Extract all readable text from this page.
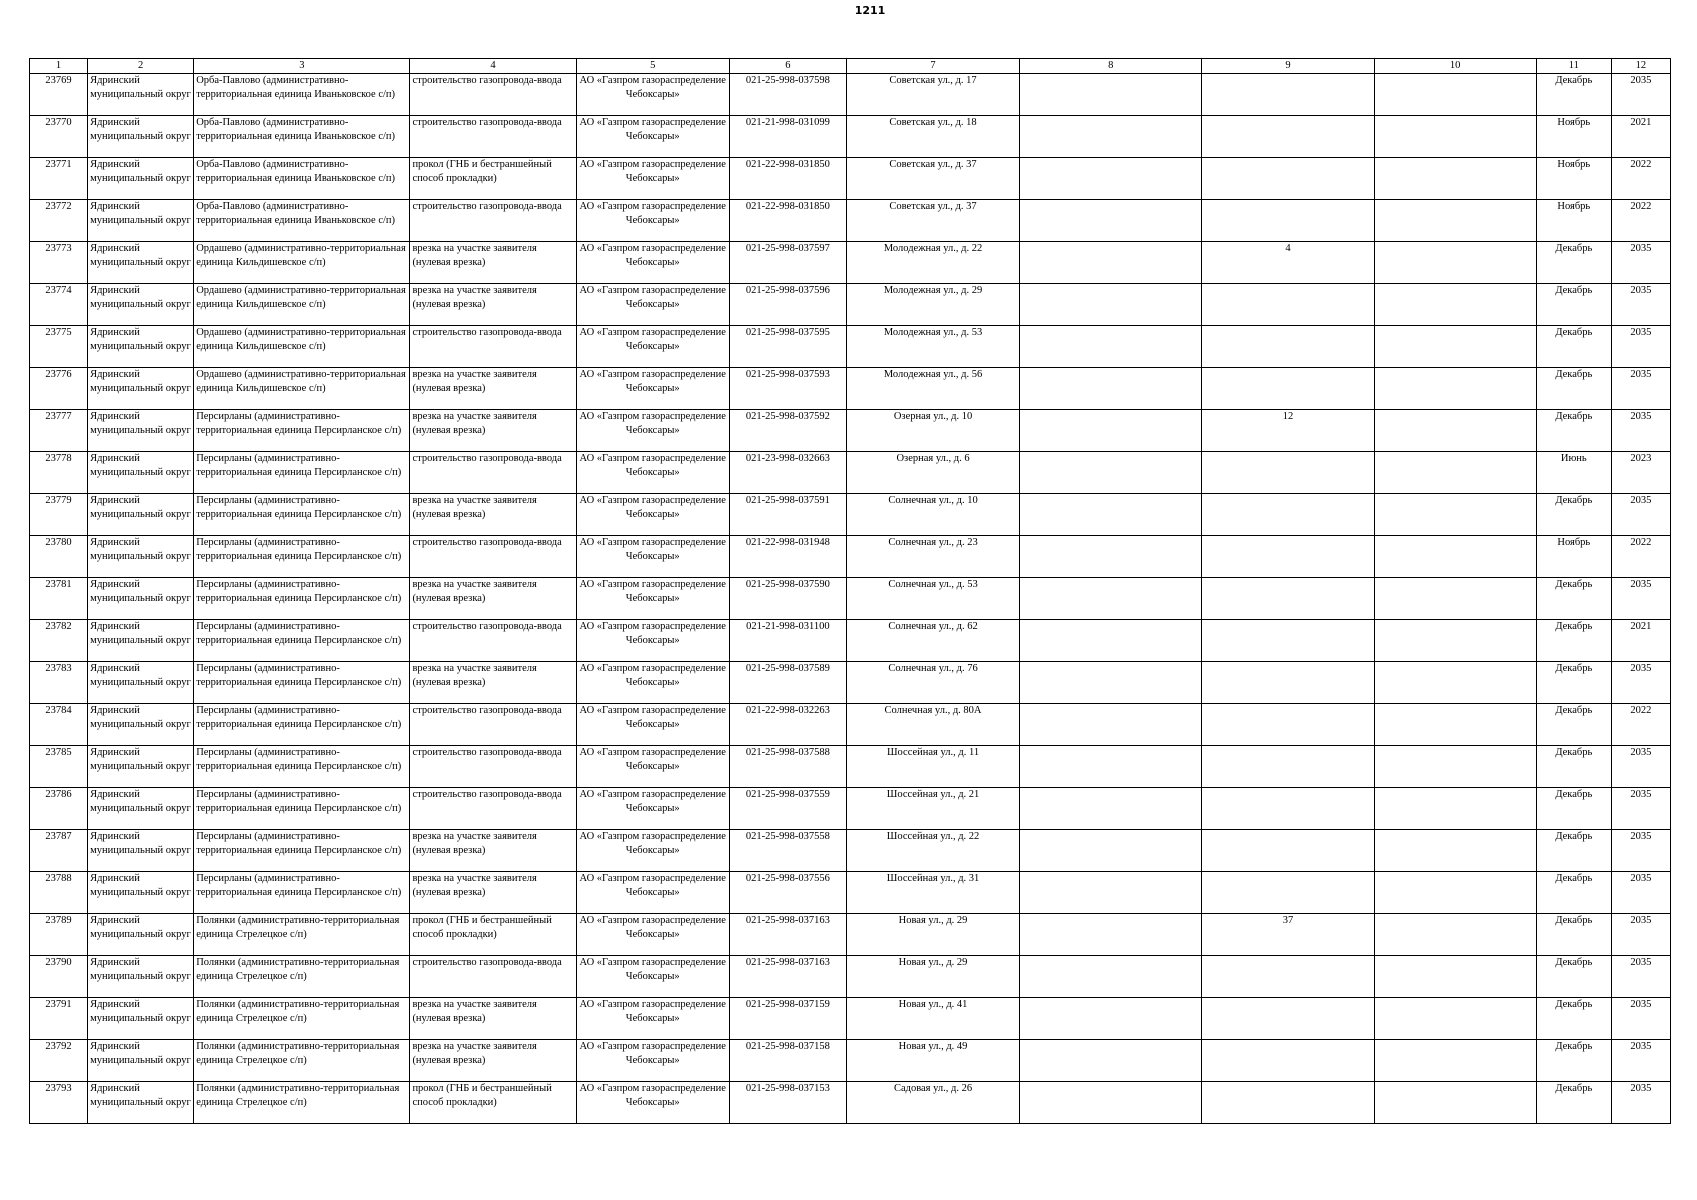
1211
1	2	3	4	5	6	7	8	9	10	11	12

23769	Ядринский муниципальный округ	Орба-Павлово (административно-территориальная единица Иваньковское с/п)	строительство газопровода-ввода	АО «Газпром газораспределение Чебоксары»	021-25-998-037598	Советская ул., д. 17				Декабрь	2035

23770	Ядринский муниципальный округ	Орба-Павлово (административно-территориальная единица Иваньковское с/п)	строительство газопровода-ввода	АО «Газпром газораспределение Чебоксары»	021-21-998-031099	Советская ул., д. 18				Ноябрь	2021

23771	Ядринский муниципальный округ	Орба-Павлово (административно-территориальная единица Иваньковское с/п)	прокол (ГНБ и бестраншейный способ прокладки)	АО «Газпром газораспределение Чебоксары»	021-22-998-031850	Советская ул., д. 37				Ноябрь	2022

23772	Ядринский муниципальный округ	Орба-Павлово (административно-территориальная единица Иваньковское с/п)	строительство газопровода-ввода	АО «Газпром газораспределение Чебоксары»	021-22-998-031850	Советская ул., д. 37				Ноябрь	2022

23773	Ядринский муниципальный округ	Ордашево (административно-территориальная единица Кильдишевское с/п)	врезка на участке заявителя (нулевая врезка)	АО «Газпром газораспределение Чебоксары»	021-25-998-037597	Молодежная ул., д. 22		4		Декабрь	2035

23774	Ядринский муниципальный округ	Ордашево (административно-территориальная единица Кильдишевское с/п)	врезка на участке заявителя (нулевая врезка)	АО «Газпром газораспределение Чебоксары»	021-25-998-037596	Молодежная ул., д. 29				Декабрь	2035

23775	Ядринский муниципальный округ	Ордашево (административно-территориальная единица Кильдишевское с/п)	строительство газопровода-ввода	АО «Газпром газораспределение Чебоксары»	021-25-998-037595	Молодежная ул., д. 53				Декабрь	2035

23776	Ядринский муниципальный округ	Ордашево (административно-территориальная единица Кильдишевское с/п)	врезка на участке заявителя (нулевая врезка)	АО «Газпром газораспределение Чебоксары»	021-25-998-037593	Молодежная ул., д. 56				Декабрь	2035

23777	Ядринский муниципальный округ	Персирланы (административно-территориальная единица Персирланское с/п)	врезка на участке заявителя (нулевая врезка)	АО «Газпром газораспределение Чебоксары»	021-25-998-037592	Озерная ул., д. 10		12		Декабрь	2035

23778	Ядринский муниципальный округ	Персирланы (административно-территориальная единица Персирланское с/п)	строительство газопровода-ввода	АО «Газпром газораспределение Чебоксары»	021-23-998-032663	Озерная ул., д. 6				Июнь	2023

23779	Ядринский муниципальный округ	Персирланы (административно-территориальная единица Персирланское с/п)	врезка на участке заявителя (нулевая врезка)	АО «Газпром газораспределение Чебоксары»	021-25-998-037591	Солнечная ул., д. 10				Декабрь	2035

23780	Ядринский муниципальный округ	Персирланы (административно-территориальная единица Персирланское с/п)	строительство газопровода-ввода	АО «Газпром газораспределение Чебоксары»	021-22-998-031948	Солнечная ул., д. 23				Ноябрь	2022

23781	Ядринский муниципальный округ	Персирланы (административно-территориальная единица Персирланское с/п)	врезка на участке заявителя (нулевая врезка)	АО «Газпром газораспределение Чебоксары»	021-25-998-037590	Солнечная ул., д. 53				Декабрь	2035

23782	Ядринский муниципальный округ	Персирланы (административно-территориальная единица Персирланское с/п)	строительство газопровода-ввода	АО «Газпром газораспределение Чебоксары»	021-21-998-031100	Солнечная ул., д. 62				Декабрь	2021

23783	Ядринский муниципальный округ	Персирланы (административно-территориальная единица Персирланское с/п)	врезка на участке заявителя (нулевая врезка)	АО «Газпром газораспределение Чебоксары»	021-25-998-037589	Солнечная ул., д. 76				Декабрь	2035

23784	Ядринский муниципальный округ	Персирланы (административно-территориальная единица Персирланское с/п)	строительство газопровода-ввода	АО «Газпром газораспределение Чебоксары»	021-22-998-032263	Солнечная ул., д. 80А				Декабрь	2022

23785	Ядринский муниципальный округ	Персирланы (административно-территориальная единица Персирланское с/п)	строительство газопровода-ввода	АО «Газпром газораспределение Чебоксары»	021-25-998-037588	Шоссейная ул., д. 11				Декабрь	2035

23786	Ядринский муниципальный округ	Персирланы (административно-территориальная единица Персирланское с/п)	строительство газопровода-ввода	АО «Газпром газораспределение Чебоксары»	021-25-998-037559	Шоссейная ул., д. 21				Декабрь	2035

23787	Ядринский муниципальный округ	Персирланы (административно-территориальная единица Персирланское с/п)	врезка на участке заявителя (нулевая врезка)	АО «Газпром газораспределение Чебоксары»	021-25-998-037558	Шоссейная ул., д. 22				Декабрь	2035

23788	Ядринский муниципальный округ	Персирланы (административно-территориальная единица Персирланское с/п)	врезка на участке заявителя (нулевая врезка)	АО «Газпром газораспределение Чебоксары»	021-25-998-037556	Шоссейная ул., д. 31				Декабрь	2035

23789	Ядринский муниципальный округ	Полянки (административно-территориальная единица Стрелецкое с/п)	прокол (ГНБ и бестраншейный способ прокладки)	АО «Газпром газораспределение Чебоксары»	021-25-998-037163	Новая ул., д. 29		37		Декабрь	2035

23790	Ядринский муниципальный округ	Полянки (административно-территориальная единица Стрелецкое с/п)	строительство газопровода-ввода	АО «Газпром газораспределение Чебоксары»	021-25-998-037163	Новая ул., д. 29				Декабрь	2035

23791	Ядринский муниципальный округ	Полянки (административно-территориальная единица Стрелецкое с/п)	врезка на участке заявителя (нулевая врезка)	АО «Газпром газораспределение Чебоксары»	021-25-998-037159	Новая ул., д. 41				Декабрь	2035

23792	Ядринский муниципальный округ	Полянки (административно-территориальная единица Стрелецкое с/п)	врезка на участке заявителя (нулевая врезка)	АО «Газпром газораспределение Чебоксары»	021-25-998-037158	Новая ул., д. 49				Декабрь	2035

23793	Ядринский муниципальный округ	Полянки (административно-территориальная единица Стрелецкое с/п)	прокол (ГНБ и бестраншейный способ прокладки)	АО «Газпром газораспределение Чебоксары»	021-25-998-037153	Садовая ул., д. 26				Декабрь	2035
